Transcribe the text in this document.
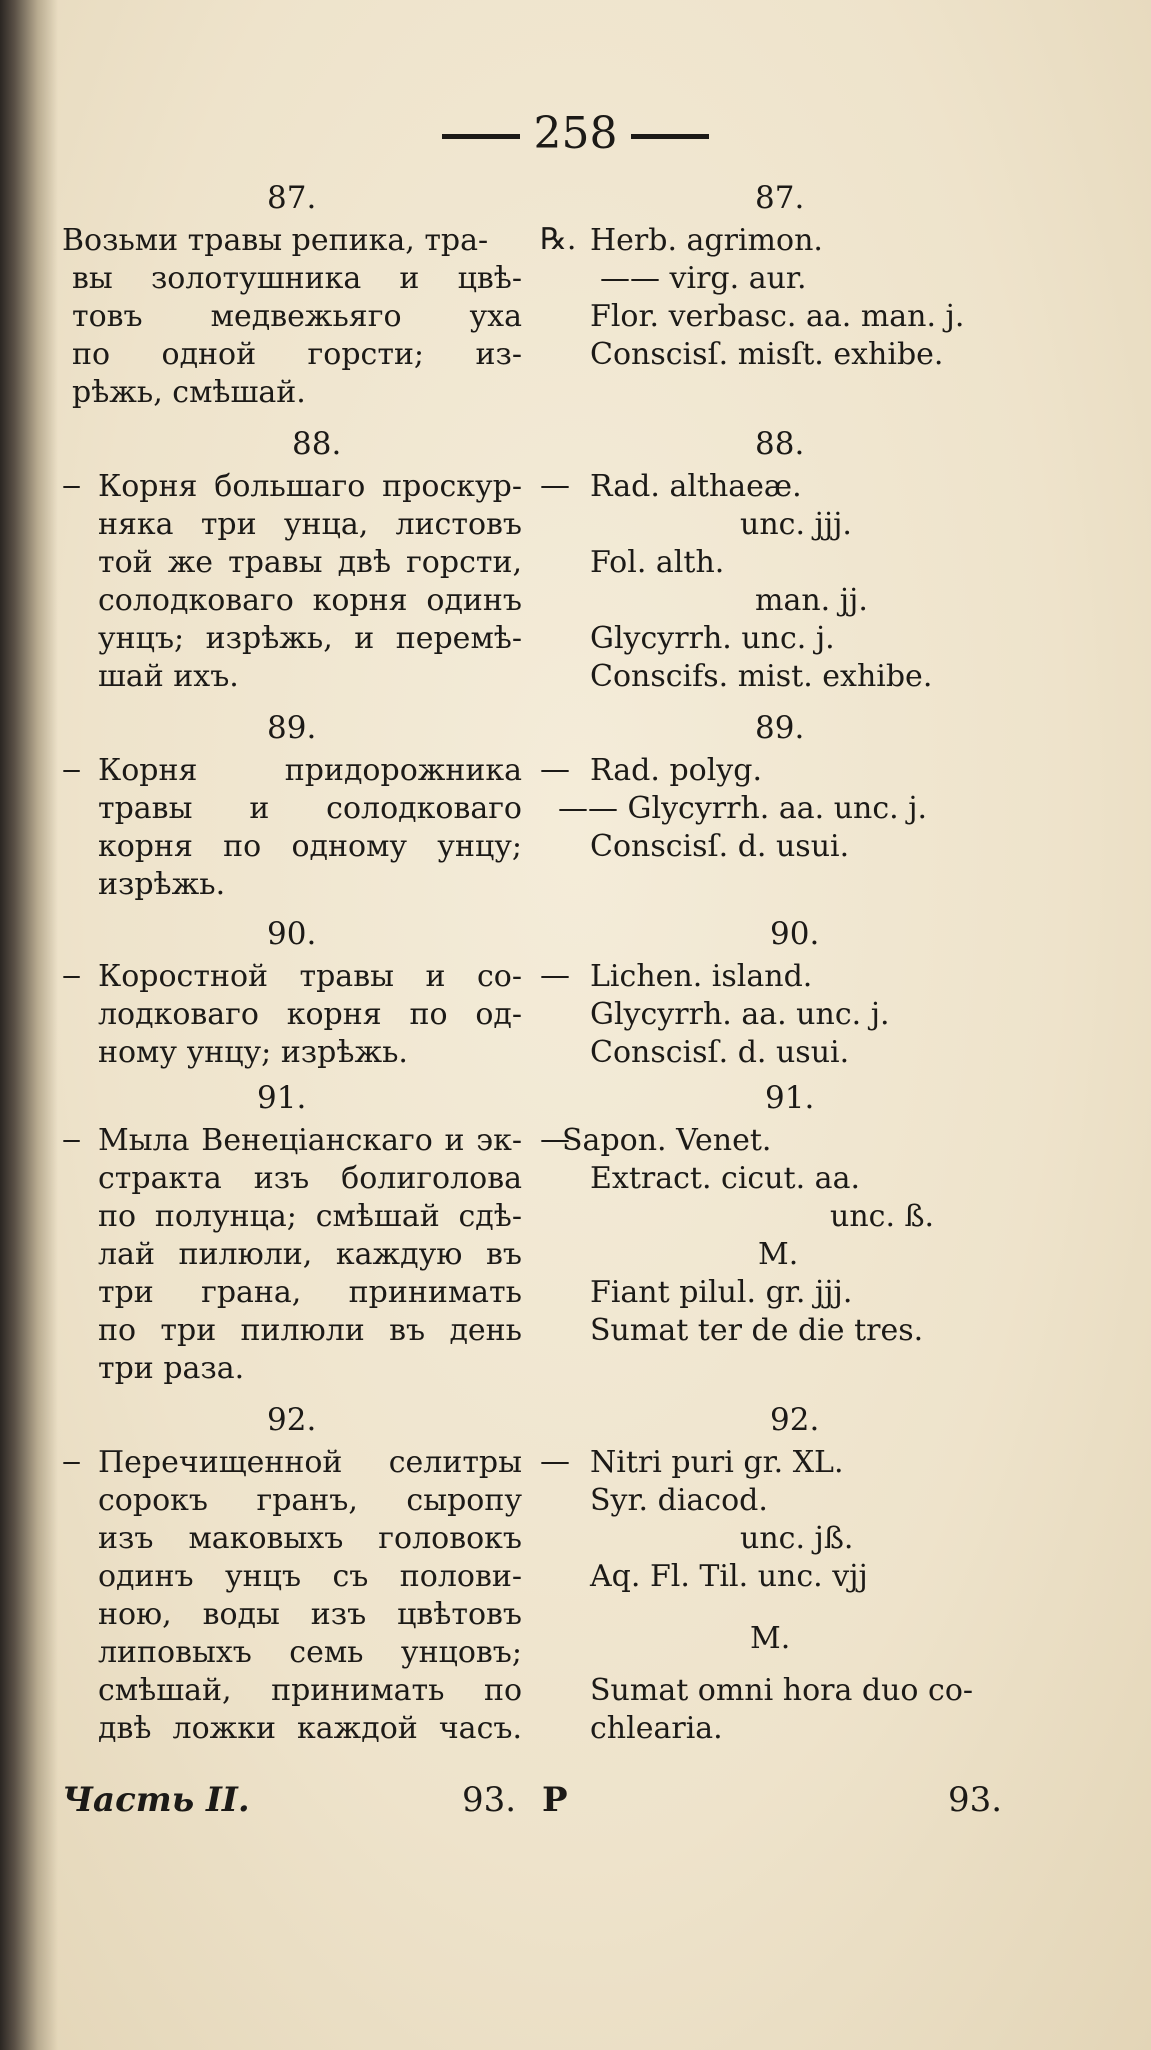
258
87.
Возьми травы репика, тра-
вы золотушника и цвѣ-
товъ медвежьяго уха
по одной горсти; из-
рѣжь, смѣшай.
88.
‒ Корня большаго проскур-
няка три унца, листовъ
той же травы двѣ горсти,
солодковаго корня одинъ
унцъ; изрѣжь, и перемѣ-
шай ихъ.
89.
‒ Корня придорожника
травы и солодковаго
корня по одному унцу;
изрѣжь.
90.
‒ Коростной травы и со-
лодковаго корня по од-
ному унцу; изрѣжь.
91.
‒ Мыла Венеціанскаго и эк-
стракта изъ болиголова
по полунца; смѣшай сдѣ-
лай пилюли, каждую въ
три грана, принимать
по три пилюли въ день
три раза.
92.
‒ Перечищенной селитры
сорокъ гранъ, сыропу
изъ маковыхъ головокъ
одинъ унцъ съ полови-
ною, воды изъ цвѣтовъ
липовыхъ семь унцовъ;
смѣшай, принимать по
двѣ ложки каждой часъ.
87.
℞. Herb. agrimon.
—— virg. aur.
Flor. verbasc. aa. man. j.
Conscisſ. misſt. exhibe.
88.
— Rad. althaeæ.
unc. jjj.
Fol. alth.
man. jj.
Glycyrrh. unc. j.
Conscifs. mist. exhibe.
89.
— Rad. polyg.
—— Glycyrrh. aa. unc. j.
Conscisſ. d. usui.
90.
— Lichen. island.
Glycyrrh. aa. unc. j.
Conscisſ. d. usui.
91.
—
Sapon. Venet.
Extract. cicut. aa.
unc. ß.
M.
Fiant pilul. gr. jjj.
Sumat ter de die tres.
92.
— Nitri puri gr. XL.
Syr. diacod.
unc. jß.
Aq. Fl. Til. unc. vjj
M.
Sumat omni hora duo co-
chlearia.
Часть II.	93. P	93.
